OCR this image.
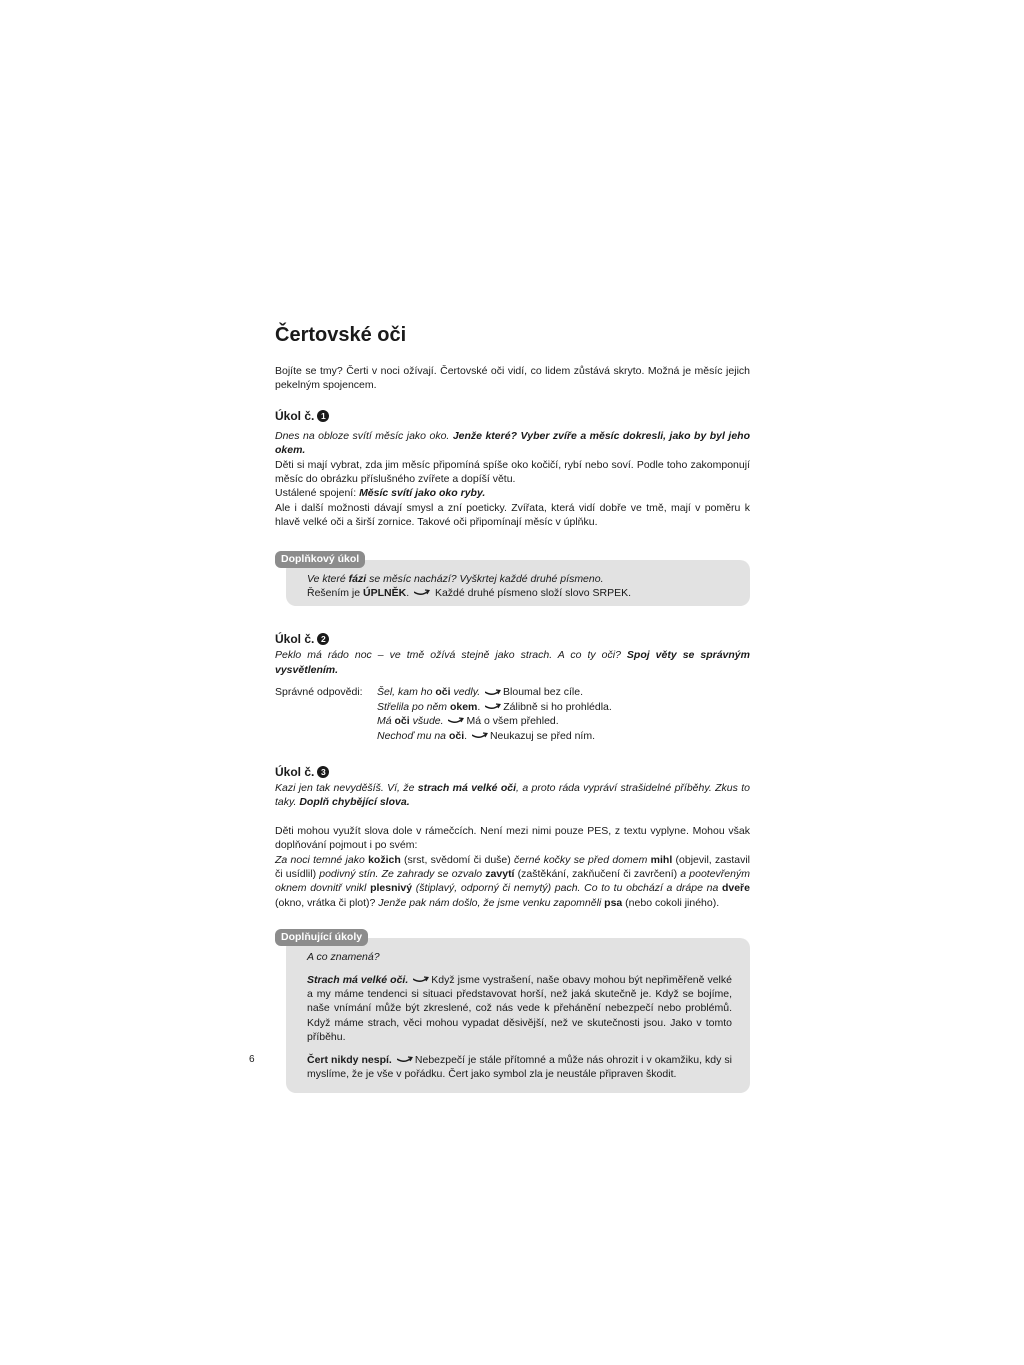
Čertovské oči

Bojíte se tmy? Čerti v noci ožívají. Čertovské oči vidí, co lidem zůstává skryto. Možná je měsíc jejich pekelným spojencem.

Úkol č. 1

Dnes na obloze svítí měsíc jako oko. Jenže které? Vyber zvíře a měsíc dokresli, jako by byl jeho okem.

Děti si mají vybrat, zda jim měsíc připomíná spíše oko kočičí, rybí nebo soví. Podle toho zakomponují měsíc do obrázku příslušného zvířete a dopíší větu.

Ustálené spojení: Měsíc svítí jako oko ryby.

Ale i další možnosti dávají smysl a zní poeticky. Zvířata, která vidí dobře ve tmě, mají v poměru k hlavě velké oči a širší zornice. Takové oči připomínají měsíc v úplňku.

Doplňkový úkol

Ve které fázi se měsíc nachází? Vyškrtej každé druhé písmeno.

Řešením je ÚPLNĚK. Každé druhé písmeno složí slovo SRPEK.

Úkol č. 2

Peklo má rádo noc – ve tmě ožívá stejně jako strach. A co ty oči? Spoj věty se správným vysvětlením.

Správné odpovědi:	Šel, kam ho oči vedly. Bloumal bez cíle.
Střelila po něm okem. Zálibně si ho prohlédla.
Má oči všude. Má o všem přehled.
Nechoď mu na oči. Neukazuj se před ním.
Úkol č. 3

Kazi jen tak nevyděšíš. Ví, že strach má velké oči, a proto ráda vypráví strašidelné příběhy. Zkus to taky. Doplň chybějící slova.

Děti mohou využít slova dole v rámečcích. Není mezi nimi pouze PES, z textu vyplyne. Mohou však doplňování pojmout i po svém:

Za noci temné jako kožich (srst, svědomí či duše) černé kočky se před domem mihl (objevil, zastavil či usídlil) podivný stín. Ze zahrady se ozvalo zavytí (zaštěkání, zakňučení či zavrčení) a pootevřeným oknem dovnitř vnikl plesnivý (štiplavý, odporný či nemytý) pach. Co to tu obchází a drápe na dveře (okno, vrátka či plot)? Jenže pak nám došlo, že jsme venku zapomněli psa (nebo cokoli jiného).

Doplňující úkoly

A co znamená?

Strach má velké oči. Když jsme vystrašení, naše obavy mohou být nepřiměřeně velké a my máme tendenci si situaci představovat horší, než jaká skutečně je. Když se bojíme, naše vnímání může být zkreslené, což nás vede k přehánění nebezpečí nebo problémů. Když máme strach, věci mohou vypadat děsivější, než ve skutečnosti jsou. Jako v tomto příběhu.

Čert nikdy nespí. Nebezpečí je stále přítomné a může nás ohrozit i v okamžiku, kdy si myslíme, že je vše v pořádku. Čert jako symbol zla je neustále připraven škodit.

6
